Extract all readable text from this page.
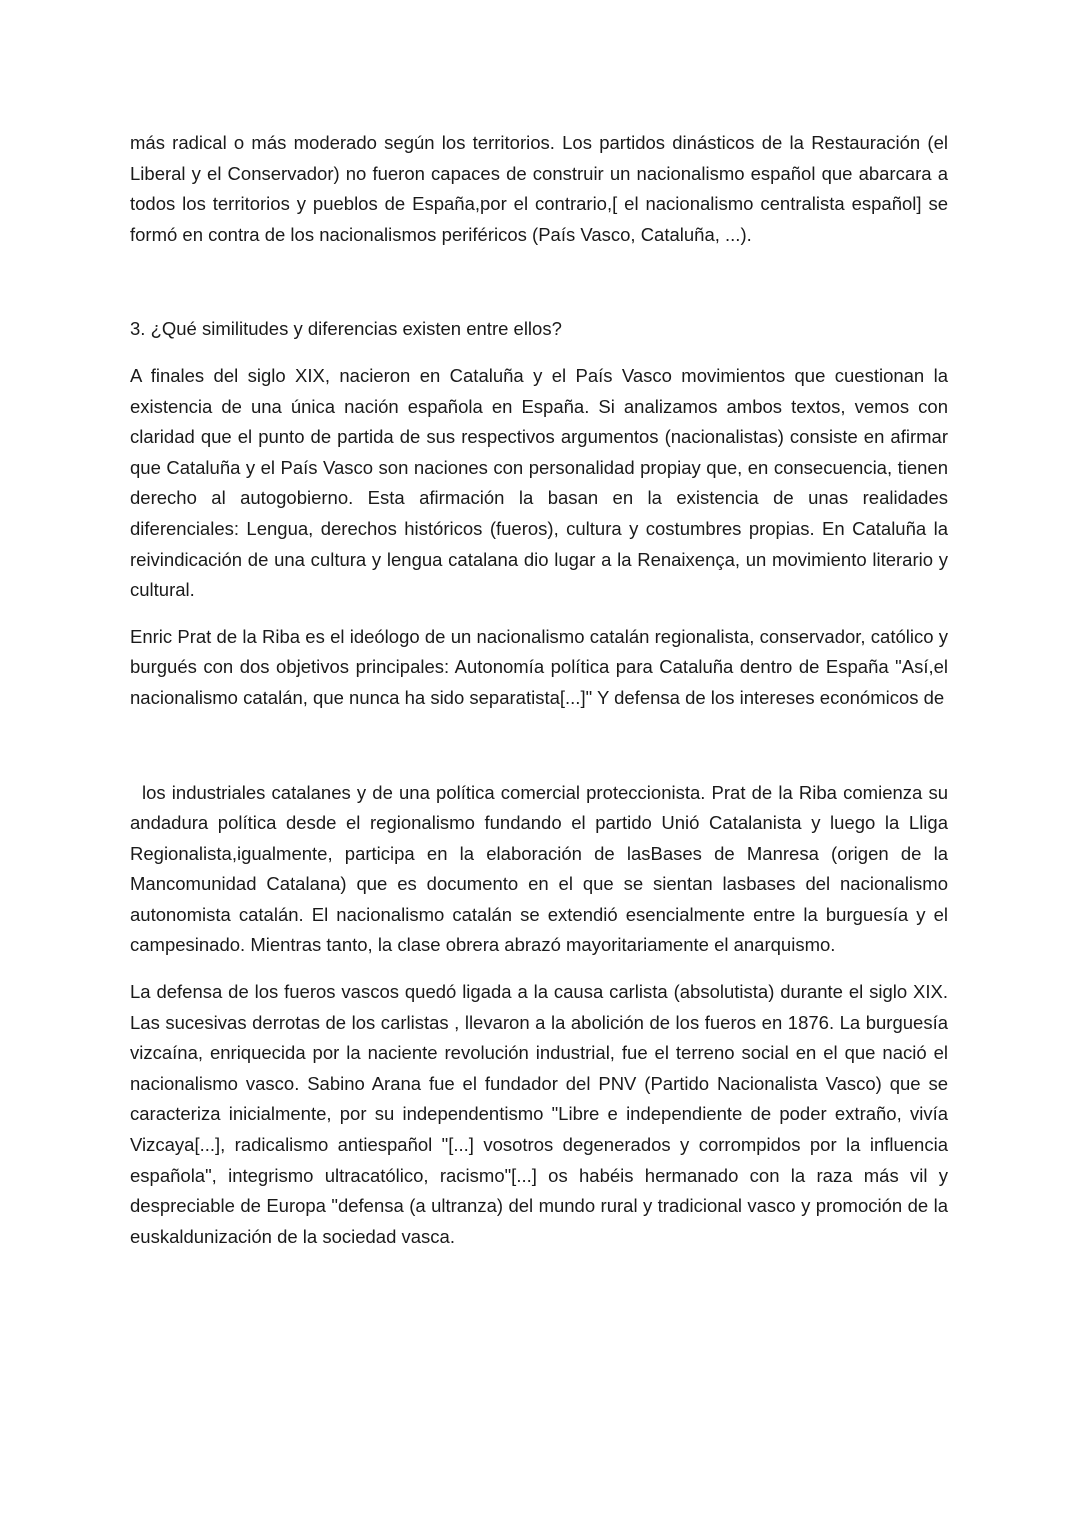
más radical o más moderado según los territorios. Los partidos dinásticos de la Restauración (el Liberal y el Conservador) no fueron capaces de construir un nacionalismo español que abarcara a todos los territorios y pueblos de España,por el contrario,[ el nacionalismo centralista español] se formó en contra de los nacionalismos periféricos (País Vasco, Cataluña, ...).

3. ¿Qué similitudes y diferencias existen entre ellos?

A finales del siglo XIX, nacieron en Cataluña y el País Vasco movimientos que cuestionan la existencia de una única nación española en España. Si analizamos ambos textos, vemos con claridad que el punto de partida de sus respectivos argumentos (nacionalistas) consiste en afirmar que Cataluña y el País Vasco son naciones con personalidad propiay que, en consecuencia, tienen derecho al autogobierno. Esta afirmación la basan en la existencia de unas realidades diferenciales: Lengua, derechos históricos (fueros), cultura y costumbres propias. En Cataluña la reivindicación de una cultura y lengua catalana dio lugar a la Renaixença, un movimiento literario y cultural.

Enric Prat de la Riba es el ideólogo de un nacionalismo catalán regionalista, conservador, católico y burgués con dos objetivos principales: Autonomía política para Cataluña dentro de España "Así,el nacionalismo catalán, que nunca ha sido separatista[...]" Y defensa de los intereses económicos de

los industriales catalanes y de una política comercial proteccionista. Prat de la Riba comienza su andadura política desde el regionalismo fundando el partido Unió Catalanista y luego la Lliga Regionalista,igualmente, participa en la elaboración de lasBases de Manresa (origen de la Mancomunidad Catalana) que es documento en el que se sientan lasbases del nacionalismo autonomista catalán. El nacionalismo catalán se extendió esencialmente entre la burguesía y el campesinado. Mientras tanto, la clase obrera abrazó mayoritariamente el anarquismo.

La defensa de los fueros vascos quedó ligada a la causa carlista (absolutista) durante el siglo XIX. Las sucesivas derrotas de los carlistas , llevaron a la abolición de los fueros en 1876. La burguesía vizcaína, enriquecida por la naciente revolución industrial, fue el terreno social en el que nació el nacionalismo vasco. Sabino Arana fue el fundador del PNV (Partido Nacionalista Vasco) que se caracteriza inicialmente, por su independentismo "Libre e independiente de poder extraño, vivía Vizcaya[...], radicalismo antiespañol "[...] vosotros degenerados y corrompidos por la influencia española", integrismo ultracatólico, racismo"[...] os habéis hermanado con la raza más vil y despreciable de Europa "defensa (a ultranza) del mundo rural y tradicional vasco y promoción de la euskaldunización de la sociedad vasca.
